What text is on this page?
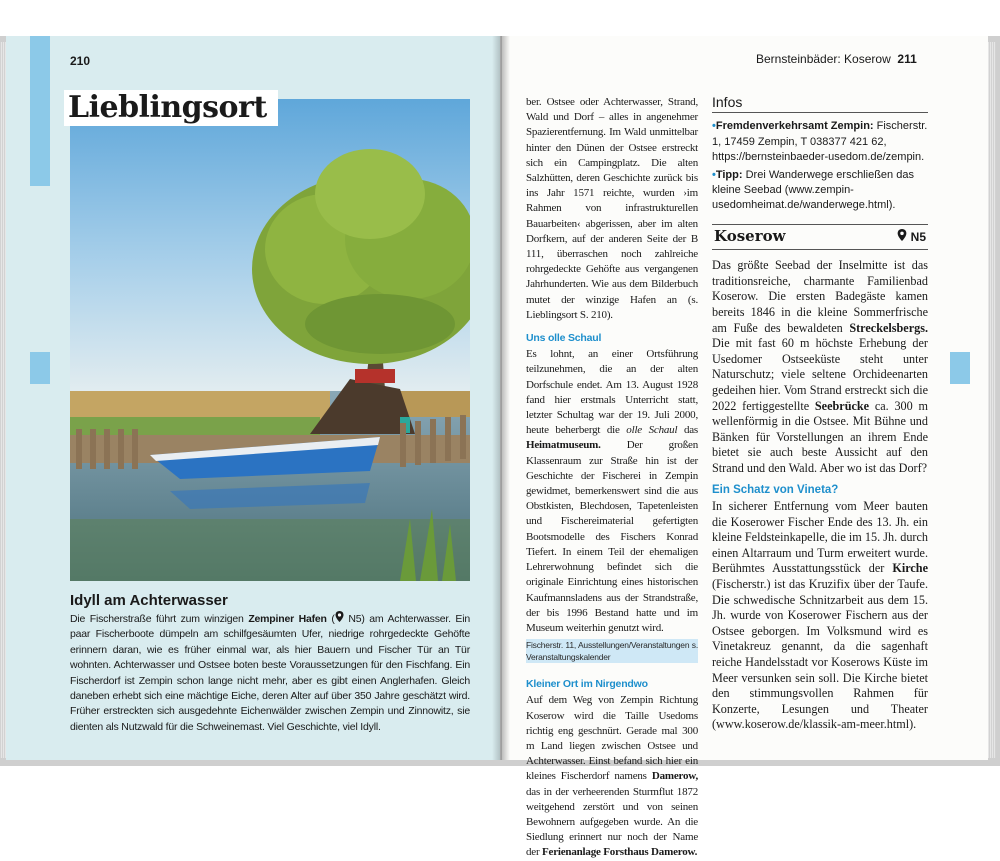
210
Lieblingsort
Idyll am Achterwasser
Die Fischerstraße führt zum winzigen Zempiner Hafen ( N5) am Achterwasser. Ein paar Fischerboote dümpeln am schilfgesäumten Ufer, niedrige rohrgedeckte Gehöfte erinnern daran, wie es früher einmal war, als hier Bauern und Fischer Tür an Tür wohnten. Achterwasser und Ostsee boten beste Voraussetzungen für den Fischfang. Ein Fischerdorf ist Zempin schon lange nicht mehr, aber es gibt einen Anglerhafen. Gleich daneben erhebt sich eine mächtige Eiche, deren Alter auf über 350 Jahre geschätzt wird. Früher erstreckten sich ausgedehnte Eichenwälder zwischen Zempin und Zinnowitz, sie dienten als Nutzwald für die Schweinemast. Viel Geschichte, viel Idyll.
Bernsteinbäder: Koserow 211

ber. Ostsee oder Achterwasser, Strand, Wald und Dorf – alles in angenehmer Spazierentfernung. Im Wald unmittelbar hinter den Dünen der Ostsee erstreckt sich ein Campingplatz. Die alten Salzhütten, deren Geschichte zurück bis ins Jahr 1571 reichte, wurden ›im Rahmen von infrastrukturellen Bauarbeiten‹ abgerissen, aber im alten Dorfkern, auf der anderen Seite der B 111, überraschen noch zahlreiche rohrgedeckte Gehöfte aus vergangenen Jahrhunderten. Wie aus dem Bilderbuch mutet der winzige Hafen an (s. Lieblingsort S. 210).

Uns olle Schaul

Es lohnt, an einer Ortsführung teilzunehmen, die an der alten Dorfschule endet. Am 13. August 1928 fand hier erstmals Unterricht statt, letzter Schultag war der 19. Juli 2000, heute beherbergt die olle Schaul das Heimatmuseum. Der großen Klassenraum zur Straße hin ist der Geschichte der Fischerei in Zempin gewidmet, bemerkenswert sind die aus Obstkisten, Blechdosen, Tapetenleisten und Fischereimaterial gefertigten Bootsmodelle des Fischers Konrad Tiefert. In einem Teil der ehemaligen Lehrerwohnung befindet sich die originale Einrichtung eines historischen Kaufmannsladens aus der Strandstraße, der bis 1996 Bestand hatte und im Museum weiterhin genutzt wird.

Fischerstr. 11, Ausstellungen/Veranstaltungen s. Veranstaltungskalender
Kleiner Ort im Nirgendwo

Auf dem Weg von Zempin Richtung Koserow wird die Taille Usedoms richtig eng geschnürt. Gerade mal 300 m Land liegen zwischen Ostsee und Achterwasser. Einst befand sich hier ein kleines Fischerdorf namens Damerow, das in der verheerenden Sturmflut 1872 weitgehend zerstört und von seinen Bewohnern aufgegeben wurde. An die Siedlung erinnert nur noch der Name der Ferienanlage Forsthaus Damerow.

Infos
•Fremdenverkehrsamt Zempin: Fischerstr. 1, 17459 Zempin, T 038377 421 62, https://bernsteinbaeder-usedom.de/zempin.
•Tipp: Drei Wanderwege erschließen das kleine Seebad (www.zempin-usedomheimat.de/wanderwege.html).
Koserow	N5

Das größte Seebad der Inselmitte ist das traditionsreiche, charmante Familienbad Koserow. Die ersten Badegäste kamen bereits 1846 in die kleine Sommerfrische am Fuße des bewaldeten Streckelsbergs. Die mit fast 60 m höchste Erhebung der Usedomer Ostseeküste steht unter Naturschutz; viele seltene Orchideenarten gedeihen hier. Vom Strand erstreckt sich die 2022 fertiggestellte Seebrücke ca. 300 m wellenförmig in die Ostsee. Mit Bühne und Bänken für Vorstellungen an ihrem Ende bietet sie auch beste Aussicht auf den Strand und den Wald. Aber wo ist das Dorf?

Ein Schatz von Vineta?

In sicherer Entfernung vom Meer bauten die Koserower Fischer Ende des 13. Jh. ein kleine Feldsteinkapelle, die im 15. Jh. durch einen Altarraum und Turm erweitert wurde. Berühmtes Ausstattungsstück der Kirche (Fischerstr.) ist das Kruzifix über der Taufe. Die schwedische Schnitzarbeit aus dem 15. Jh. wurde von Koserower Fischern aus der Ostsee geborgen. Im Volksmund wird es Vinetakreuz genannt, da die sagenhaft reiche Handelsstadt vor Koserows Küste im Meer versunken sein soll. Die Kirche bietet den stimmungsvollen Rahmen für Konzerte, Lesungen und Theater (www.koserow.de/klassik-am-meer.html).
